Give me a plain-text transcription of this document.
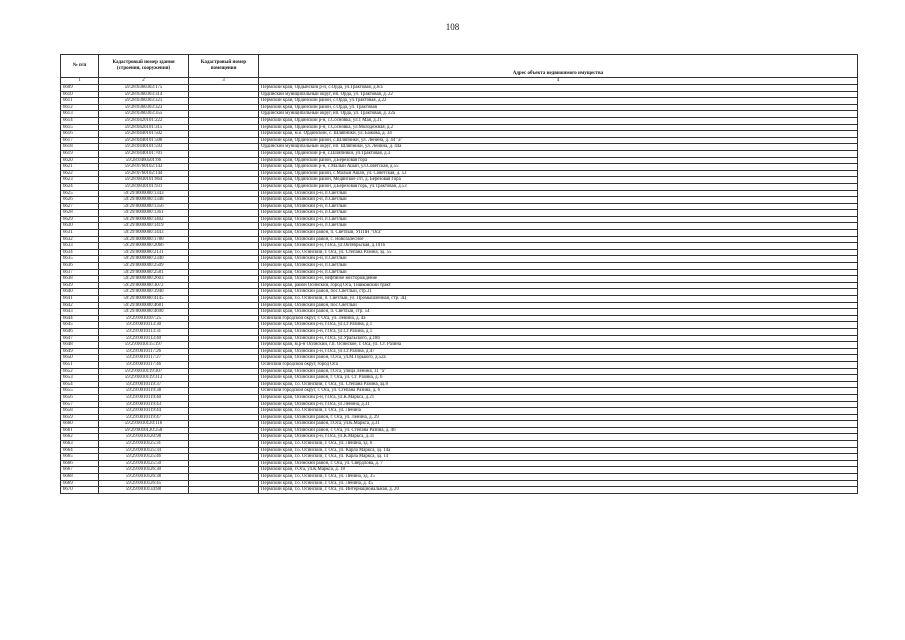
108
№ п/п	Кадастровый номер здания (строения, сооружения)	Кадастровый номер помещения	Адрес объекта недвижимого имущества
1	2	3	4
6609	59:28:0360303:175		Пермский край, Ордынский р-н, с.Орда, ул.Трактовая, д.6/а
6610	59:28:0360303:314		Ординский муниципальный округ, нп. Орда, ул. Трактовая, д. 22
6611	59:28:0360303:321		Пермский край, Ординский район, с.Орда, ул.Трактовая, д.22
6612	59:28:0360303:323		Пермский край, Ординский район, с.Орда, ул. Трактовая
6613	59:28:0360303:355		Ординский муниципальный округ, нп. Орда, ул. Трактовая, д. 22а
6614	59:28:0420101:222		Пермский край, Ординский р-н, с.Сосновка, ул.1 Мая, д.31
6615	59:28:0420101:315		Пермский край, Ординский р-н, с.Сосновка, ул.Молодежная, д.2
6616	59:28:0440101:502		Пермский край, м.о. Ординский, с. Шляпники, ул. Бажова, д. 34
6617	59:28:0440101:506		Пермский край, Ординский район, с.Шляпники, ул. Ленина, д. 44 "а"
6618	59:28:0440101:593		Ординский муниципальный округ, нп. Шляпники, ул. Ленина, д. 44а
6619	59:28:0440101:701		Пермский край, Ординский р-н, с.Шляпники, ул.Трактовая, д.3
6620	59:28:0460501:66		Пермский край, Ординский район, д.Березовая гора
6621	59:28:0760102:143		Пермский край, Ординский р-н, с.Малый Ашап, ул.Советская, д.55
6622	59:28:0760102:144		Пермский край, Ординский район, с.Малый Ашап, ул. Советская, д. 53
6623	59:28:0830101:864		Пермский край, Ординский район, Медянское с/п, д. Березовая Гора
6624	59:28:0830101:931		Пермский край, Ординский район, д.Березовая горь, ул.Трактовая, д.53
6625	59:29:0000000:1343		Пермский край, Осинский р-н, п.Светлый
6626	59:29:0000000:1348		Пермский край, Осинский р-н, п.Светлый
6627	59:29:0000000:1356		Пермский край, Осинский р-н, п.Светлый
6628	59:29:0000000:1361		Пермский край, Осинский р-н, п.Светлый
6629	59:29:0000000:1402		Пермский край, Осинский р-н, п.Светлый
6630	59:29:0000000:1419		Пермский край, Осинский р-н, п.Светлый
6631	59:29:0000000:1443		Пермский край, Осинский район, п. Светлый, УППН "Оса"
6632	59:29:0000000:1780		Пермский край, Осинский район, с. Новозалесное
6633	59:29:0000000:2066		Пермский край, Осинский р-н, г.Оса, ул.Октябрьская, д.101б
6634	59:29:0000000:2131		Пермский край, г.о. Осинский, г. Оса, ул. Степана Разина, зд. 55
6635	59:29:0000000:2340		Пермский край, Осинский р-н, п.Светлый
6636	59:29:0000000:2509		Пермский край, Осинский р-н, п.Светлый
6637	59:29:0000000:2581		Пермский край, Осинский р-н, п.Светлый
6638	59:29:0000000:2603		Пермский край, Осинский р-н, нефтяное месторождение
6639	59:29:0000000:3072		Пермский край, район Осинский, город Оса, Тишковский тракт
6640	59:29:0000000:3940		Пермский край, Осинский район, пос.Светлый, стр.31
6641	59:29:0000000:4145		Пермский край, г.о. Осинский, п. Светлый, ул. Промышленная, стр. 3Ц
6642	59:29:0000000:4681		Пермский край, Осинский район, пос.Светлый
6643	59:29:0000000:4690		Пермский край, Осинский район, п. Светлый, стр. 54
6644	59:29:0010107:25		Осинский городской округ, г. Оса, ул. Ленина, д. 4а
6645	59:29:0010113:30		Пермский край, Осинский р-н, г.Оса, ул.Ст.Разина, д.1
6646	59:29:0010113:31		Пермский край, Осинский р-н, г.Оса, ул.Ст.Разина, д.1
6647	59:29:0010113:40		Пермский край, Осинский р-н, г.Оса, ул.Уральского, д.18б
6648	59:29:0010115:197		Пермский край, м.р-н Осинский, г.п. Осинское, г. Оса, ул. Ст. Разина
6649	59:29:0010117:26		Пермский край, Осинский р-н, г.Оса, ул.Ст.Разина, д.47
6650	59:29:0010117:27		Пермский край, Осинский район, г.Оса, ул.М.Горького, д.52а
6651	59:29:0010117:46		Осинский городской округ, город Оса
6652	59:29:0010119:307		Пермский край, Осинский район, г.Оса, улица Ленина, 31 "а"
6653	59:29:0010119:313		Пермский край, Осинский район, г. Оса, ул. Ст. Разина, д. 6
6654	59:29:0010119:37		Пермский край, г.о. Осинский, г. Оса, ул. Степана Разина, зд.8
6655	59:29:0010119:38		Осинский городской округ, г. Оса, ул. Степана Разина, д. 6
6656	59:29:0010119:40		Пермский край, Осинский р-н, г.Оса, ул.К.Маркса, д.21
6657	59:29:0010119:43		Пермский край, Осинский р-н, г.Оса, ул.Ленина, д.31
6658	59:29:0010119:44		Пермский край, г.о. Осинский, г. Оса, ул. Ленина
6659	59:29:0010119:47		Пермский край, Осинский район, г. Оса, ул. Ленина, д. 29
6660	59:29:0010120:116		Пермский край, Осинский район, г.Оса, ул.К.Маркса, д.31
6661	59:29:0010120:258		Пермский край, Осинский район, г. Оса, ул. Степана Разина, д. 46
6662	59:29:0010120:98		Пермский край, Осинский р-н, г.Оса, ул.К.Маркса, д.31
6663	59:29:0010125:31		Пермский край, г.о. Осинский, г. Оса, ул. Ленина, зд. 6
6664	59:29:0010125:34		Пермский край, г.о. Осинский, г. Оса, ул. Карла Маркса, зд. 14а
6665	59:29:0010125:46		Пермский край, г.о. Осинский, г. Оса, ул. Карла Маркса, зд. 14
6666	59:29:0010125:50		Пермский край, Осинский район, г. Оса, ул. Свердлова, д. 7
6667	59:29:0010126:30		Пермский край, г.Оса, ул.К.Маркса, д. 18
6668	59:29:0010126:38		Пермский край, г.о. Осинский, г. Оса, ул. Ленина, зд. 35
6669	59:29:0010126:45		Пермский край, г.о. Осинский, г. Оса, ул. Ленина, д. 45
6670	59:29:0010134:88		Пермский край, г.о. Осинский, г. Оса, ул. Интернациональная, д. 20
